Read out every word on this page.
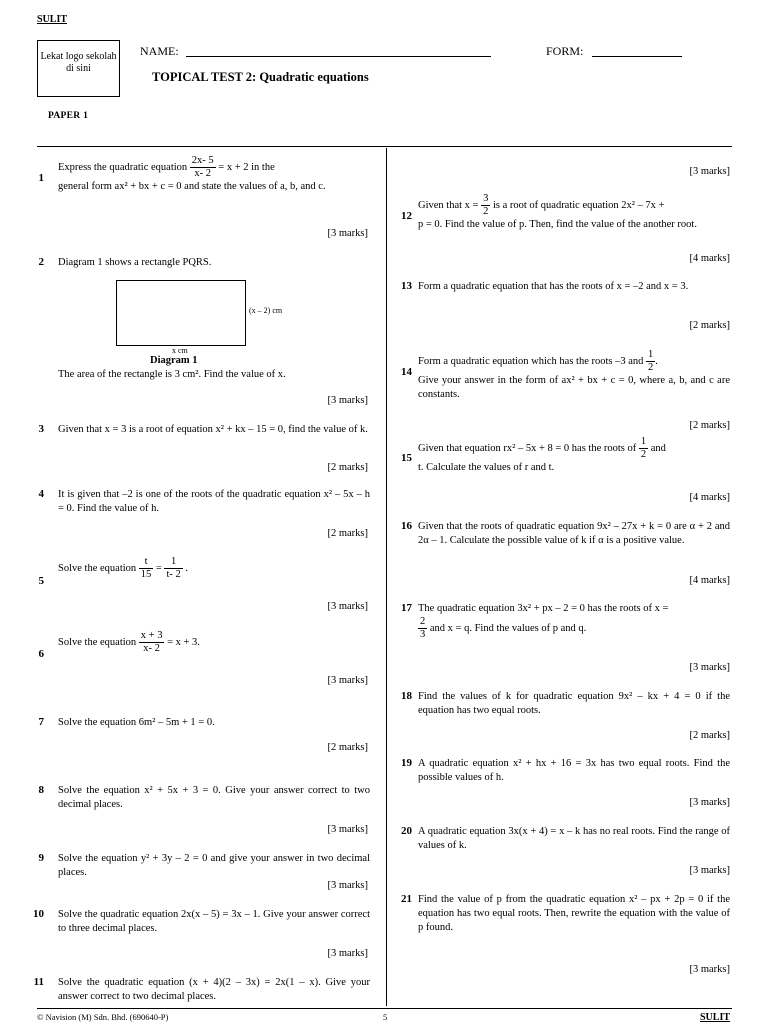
SULIT
Lekat logo sekolah di sini
NAME:	FORM:
TOPICAL TEST 2: Quadratic equations
PAPER 1
1
Express the quadratic equation $\frac{2x- 5}{x- 2} = x + 2$ in the
general form ax² + bx + c = 0 and state the values of a, b, and c.
[3 marks]
2 Diagram 1 shows a rectangle PQRS.
(x – 2) cm
x cm
Diagram 1
The area of the rectangle is 3 cm². Find the value of x.
[3 marks]
3 Given that x = 3 is a root of equation x² + kx – 15 = 0, find the value of k.
[2 marks]
4 It is given that –2 is one of the roots of the quadratic equation x² – 5x – h = 0. Find the value of h.
[2 marks]
5
Solve the equation $\frac{t}{15} = \frac{1}{t- 2}$ .
[3 marks]
6
Solve the equation $\frac{x + 3}{x- 2} = x + 3$.
[3 marks]
7 Solve the equation 6m² – 5m + 1 = 0.
[2 marks]
8 Solve the equation x² + 5x + 3 = 0. Give your answer correct to two decimal places.
[3 marks]
9 Solve the equation y² + 3y – 2 = 0 and give your answer in two decimal places.
[3 marks]
10 Solve the quadratic equation 2x(x – 5) = 3x – 1. Give your answer correct to three decimal places.
[3 marks]
11 Solve the quadratic equation (x + 4)(2 – 3x) = 2x(1 – x). Give your answer correct to two decimal places.
[3 marks]
12
Given that $x = \frac{3}{2}$ is a root of quadratic equation 2x² – 7x +
p = 0. Find the value of p. Then, find the value of the another root.
[4 marks]
13 Form a quadratic equation that has the roots of x = –2 and x = 3.
[2 marks]
14
Form a quadratic equation which has the roots –3 and $\frac{1}{2}$ .
Give your answer in the form of ax² + bx + c = 0, where a, b, and c are constants.
[2 marks]
15
Given that equation rx² – 5x + 8 = 0 has the roots of $\frac{1}{2}$ and
t. Calculate the values of r and t.
[4 marks]
16 Given that the roots of quadratic equation 9x² – 27x + k = 0 are α + 2 and 2α – 1. Calculate the possible value of k if α is a positive value.
[4 marks]
17 The quadratic equation 3x² + px – 2 = 0 has the roots of x =
$\frac{2}{3}$ and x = q. Find the values of p and q.
[3 marks]
18 Find the values of k for quadratic equation 9x² – kx + 4 = 0 if the equation has two equal roots.
[2 marks]
19 A quadratic equation x² + hx + 16 = 3x has two equal roots. Find the possible values of h.
[3 marks]
20 A quadratic equation 3x(x + 4) = x – k has no real roots. Find the range of values of k.
[3 marks]
21 Find the value of p from the quadratic equation x² – px + 2p = 0 if the equation has two equal roots. Then, rewrite the equation with the value of p found.
[3 marks]
© Navision (M) Sdn. Bhd. (690640-P)	5	SULIT
